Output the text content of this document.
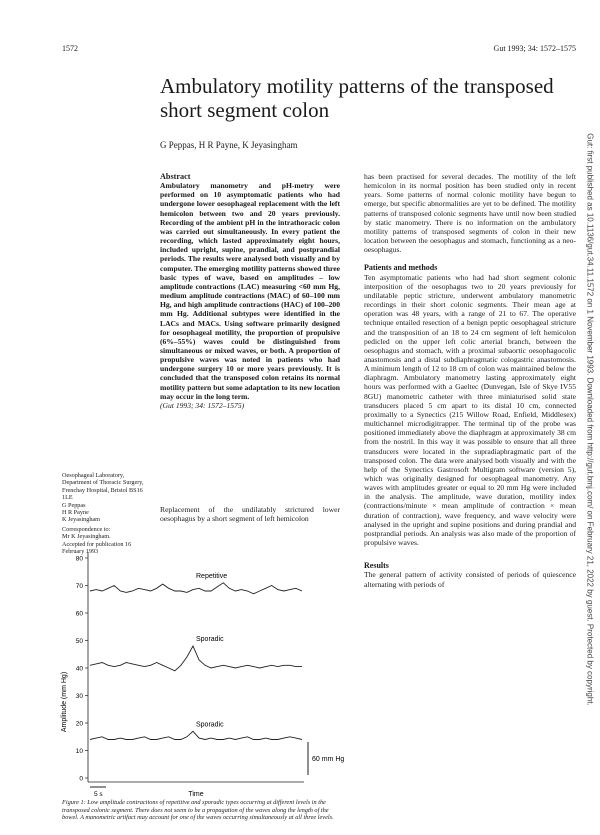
1572	Gut 1993; 34: 1572–1575
Gut: first published as 10.1136/gut.34.11.1572 on 1 November 1993. Downloaded from http://gut.bmj.com/ on February 21, 2022 by guest. Protected by copyright.
Ambulatory motility patterns of the transposed short segment colon
G Peppas, H R Payne, K Jeyasingham

Abstract

Ambulatory manometry and pH-metry were performed on 10 asymptomatic patients who had undergone lower oesophageal replacement with the left hemicolon between two and 20 years previously. Recording of the ambient pH in the intrathoracic colon was carried out simultaneously. In every patient the recording, which lasted approximately eight hours, included upright, supine, prandial, and postprandial periods. The results were analysed both visually and by computer. The emerging motility patterns showed three basic types of wave, based on amplitudes – low amplitude contractions (LAC) measuring <60 mm Hg, medium amplitude contractions (MAC) of 60–100 mm Hg, and high amplitude contractions (HAC) of 100–200 mm Hg. Additional subtypes were identified in the LACs and MACs. Using software primarily designed for oesophageal motility, the proportion of propulsive (6%–55%) waves could be distinguished from simultaneous or mixed waves, or both. A proportion of propulsive waves was noted in patients who had undergone surgery 10 or more years previously. It is concluded that the transposed colon retains its normal motility pattern but some adaptation to its new location may occur in the long term.

(Gut 1993; 34: 1572–1575)

Oesophageal Laboratory, Department of Thoracic Surgery, Frenchay Hospital, Bristol BS16 1LE

G Peppas

H R Payne

K Jeyasingham

Correspondence to:

Mr K Jeyasingham.

Accepted for publication 16 February 1993

Replacement of the undilatably strictured lower oesophagus by a short segment of left hemicolon

has been practised for several decades. The motility of the left hemicolon in its normal position has been studied only in recent years. Some patterns of normal colonic motility have begun to emerge, but specific abnormalities are yet to be defined. The motility patterns of transposed colonic segments have until now been studied by static manometry. There is no information on the ambulatory motility patterns of transposed segments of colon in their new location between the oesophagus and stomach, functioning as a neo-oesophagus.

Patients and methods

Ten asymptomatic patients who had had short segment colonic interposition of the oesophagus two to 20 years previously for undilatable peptic stricture, underwent ambulatory manometric recordings in their short colonic segments. Their mean age at operation was 48 years, with a range of 21 to 67. The operative technique entailed resection of a benign peptic oesophageal stricture and the transposition of an 18 to 24 cm segment of left hemicolon pedicled on the upper left colic arterial branch, between the oesophagus and stomach, with a proximal subaortic oesophagocolic anastomosis and a distal subdiaphragmatic cologastric anastomosis. A minimum length of 12 to 18 cm of colon was maintained below the diaphragm. Ambulatory manometry lasting approximately eight hours was performed with a Gaeltec (Dunvegan, Isle of Skye IV55 8GU) manometric catheter with three miniaturised solid state transducers placed 5 cm apart to its distal 10 cm, connected proximally to a Synectics (215 Willow Road, Enfield, Middlesex) multichannel microdigitrapper. The terminal tip of the probe was positioned immediately above the diaphragm at approximately 38 cm from the nostril. In this way it was possible to ensure that all three transducers were located in the supradiaphragmatic part of the transposed colon. The data were analysed both visually and with the help of the Synectics Gastrosoft Multigram software (version 5), which was originally designed for oesophageal manometry. Any waves with amplitudes greater or equal to 20 mm Hg were included in the analysis. The amplitude, wave duration, motility index (contractions/minute × mean amplitude of contraction × mean duration of contraction), wave frequency, and wave velocity were analysed in the upright and supine positions and during prandial and postprandial periods. An analysis was also made of the proportion of propulsive waves.

Results

The general pattern of activity consisted of periods of quiescence alternating with periods of

Amplitude (mm Hg)
80
70
60
50
40
30
20
10
0
Repetitive
Sporadic
Sporadic
5 s	Time
60 mm Hg
Figure 1: Low amplitude contractions of repetitive and sporadic types occurring at different levels in the transposed colonic segment. There does not seem to be a propagation of the waves along the length of the bowel. A manometric artifact may account for one of the waves occurring simultaneously at all three levels.
